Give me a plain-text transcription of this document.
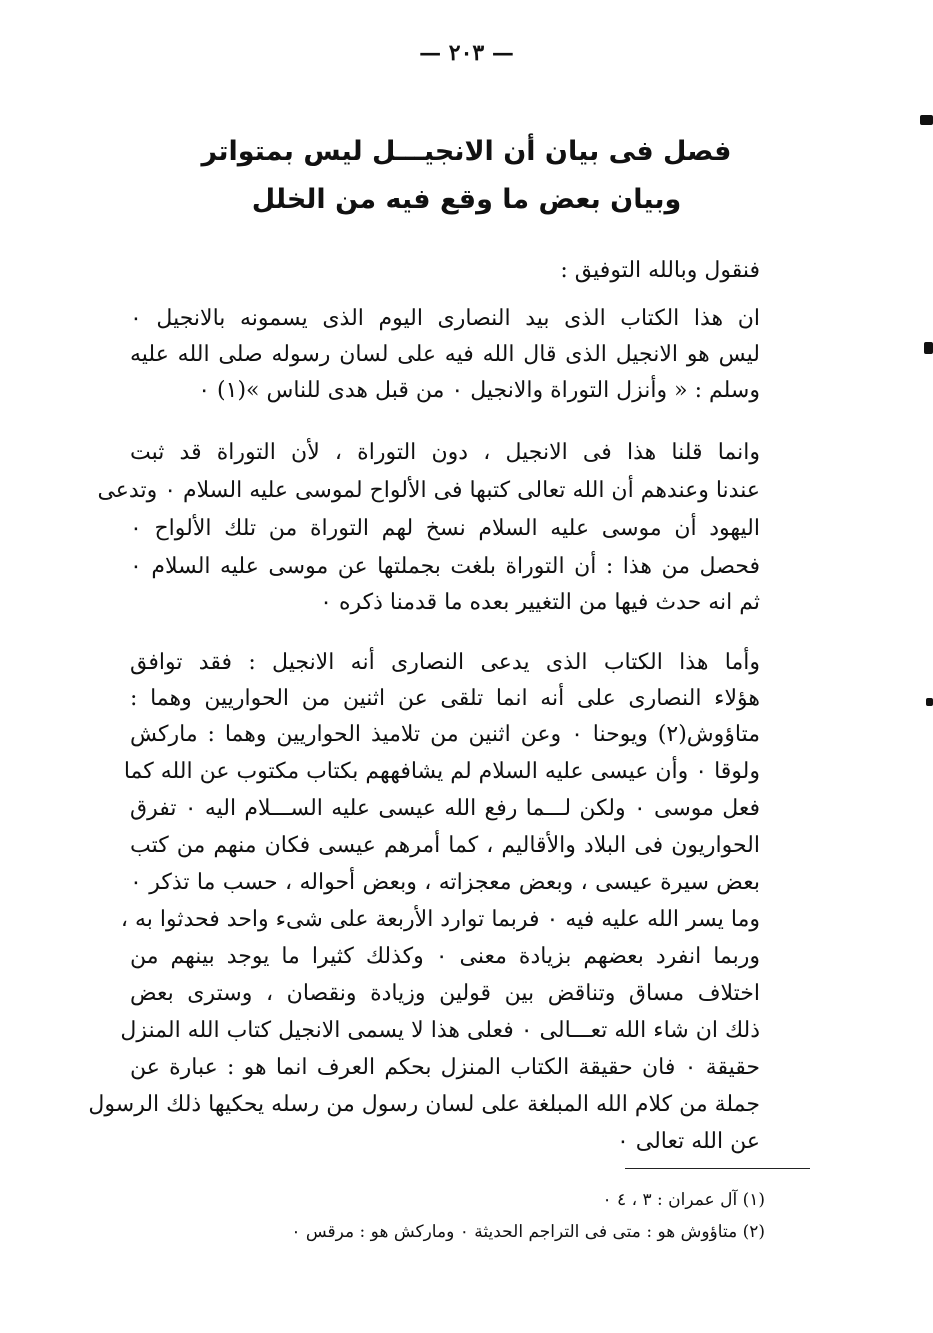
— ٢٠٣ —

فصل فى بيان أن الانجيـــل ليس بمتواتر

وبيان بعض ما وقع فيه من الخلل

فنقول وبالله التوفيق :
ان هذا الكتاب الذى بيد النصارى اليوم الذى يسمونه بالانجيل ٠
ليس هو الانجيل الذى قال الله فيه على لسان رسوله صلى الله عليه
وسلم : « وأنزل التوراة والانجيل ٠ من قبل هدى للناس »(١) ٠
وانما قلنا هذا فى الانجيل ، دون التوراة ، لأن التوراة قد ثبت
عندنا وعندهم أن الله تعالى كتبها فى الألواح لموسى عليه السلام ٠ وتدعى
اليهود أن موسى عليه السلام نسخ لهم التوراة من تلك الألواح ٠
فحصل من هذا : أن التوراة بلغت بجملتها عن موسى عليه السلام ٠
ثم انه حدث فيها من التغيير بعده ما قدمنا ذكره ٠
وأما هذا الكتاب الذى يدعى النصارى أنه الانجيل : فقد توافق
هؤلاء النصارى على أنه انما تلقى عن اثنين من الحواريين وهما :
متاؤوش(٢) ويوحنا ٠ وعن اثنين من تلاميذ الحواريين وهما : ماركش
ولوقا ٠ وأن عيسى عليه السلام لم يشافههم بكتاب مكتوب عن الله كما
فعل موسى ٠ ولكن لـــما رفع الله عيسى عليه الســـلام اليه ٠ تفرق
الحواريون فى البلاد والأقاليم ، كما أمرهم عيسى فكان منهم من كتب
بعض سيرة عيسى ، وبعض معجزاته ، وبعض أحواله ، حسب ما تذكر ٠
وما يسر الله عليه فيه ٠ فربما توارد الأربعة على شىء واحد فحدثوا به ،
وربما انفرد بعضهم بزيادة معنى ٠ وكذلك كثيرا ما يوجد بينهم من
اختلاف مساق وتناقض بين قولين وزيادة ونقصان ، وسترى بعض
ذلك ان شاء الله تعـــالى ٠ فعلى هذا لا يسمى الانجيل كتاب الله المنزل
حقيقة ٠ فان حقيقة الكتاب المنزل بحكم العرف انما هو : عبارة عن
جملة من كلام الله المبلغة على لسان رسول من رسله يحكيها ذلك الرسول
عن الله تعالى ٠
(١) آل عمران : ٣ ، ٤ ٠
(٢) متاؤوش هو : متى فى التراجم الحديثة ٠ وماركش هو : مرقس ٠
